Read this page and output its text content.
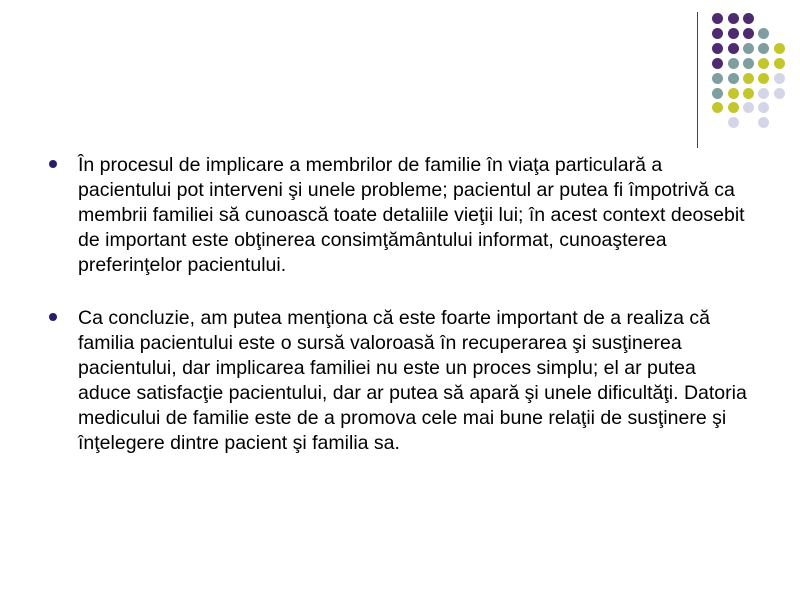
În procesul de implicare a membrilor de familie în viaţa particulară a pacientului pot interveni şi unele probleme; pacientul ar putea fi împotrivă ca membrii familiei să cunoască toate detaliile vieţii lui; în acest context deosebit de important este obţinerea consimţământului informat, cunoaşterea preferinţelor pacientului.
Ca concluzie, am putea menţiona că este foarte important de a realiza că familia pacientului este o sursă valoroasă în recuperarea şi susţinerea pacientului, dar implicarea familiei nu este un proces simplu; el ar putea aduce satisfacţie pacientului, dar ar putea să apară şi unele dificultăţi. Datoria medicului de familie este de a promova cele mai bune relaţii de susţinere şi înţelegere dintre pacient şi familia sa.
